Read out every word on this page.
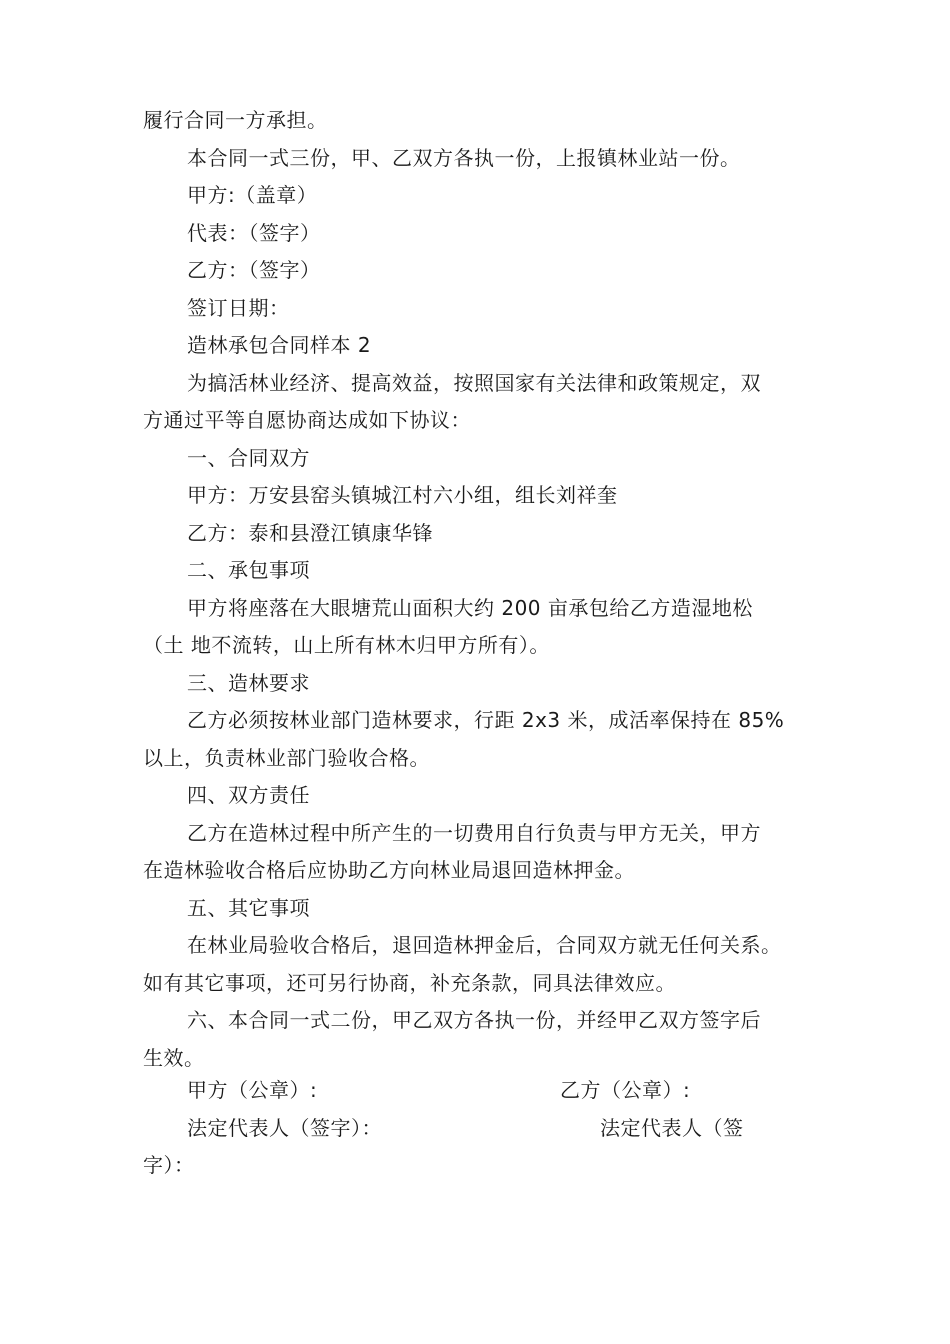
履行合同一方承担。
本合同一式三份，甲、乙双方各执一份，上报镇林业站一份。
甲方:（盖章）
代表：（签字）
乙方：（签字）
签订日期：
造林承包合同样本 2
为搞活林业经济、提高效益，按照国家有关法律和政策规定，双
方通过平等自愿协商达成如下协议：
一、合同双方
甲方：万安县窑头镇城江村六小组，组长刘祥奎
乙方：泰和县澄江镇康华锋
二、承包事项
甲方将座落在大眼塘荒山面积大约 200 亩承包给乙方造湿地松
（土 地不流转，山上所有林木归甲方所有）。
三、造林要求
乙方必须按林业部门造林要求，行距 2x3 米，成活率保持在 85%
以上，负责林业部门验收合格。
四、双方责任
乙方在造林过程中所产生的一切费用自行负责与甲方无关，甲方
在造林验收合格后应协助乙方向林业局退回造林押金。
五、其它事项
在林业局验收合格后，退回造林押金后，合同双方就无任何关系。
如有其它事项，还可另行协商，补充条款，同具法律效应。
六、本合同一式二份，甲乙双方各执一份，并经甲乙双方签字后
生效。
甲方（公章）:	乙方（公章）:
法定代表人（签字）：	法定代表人（签
字）：
